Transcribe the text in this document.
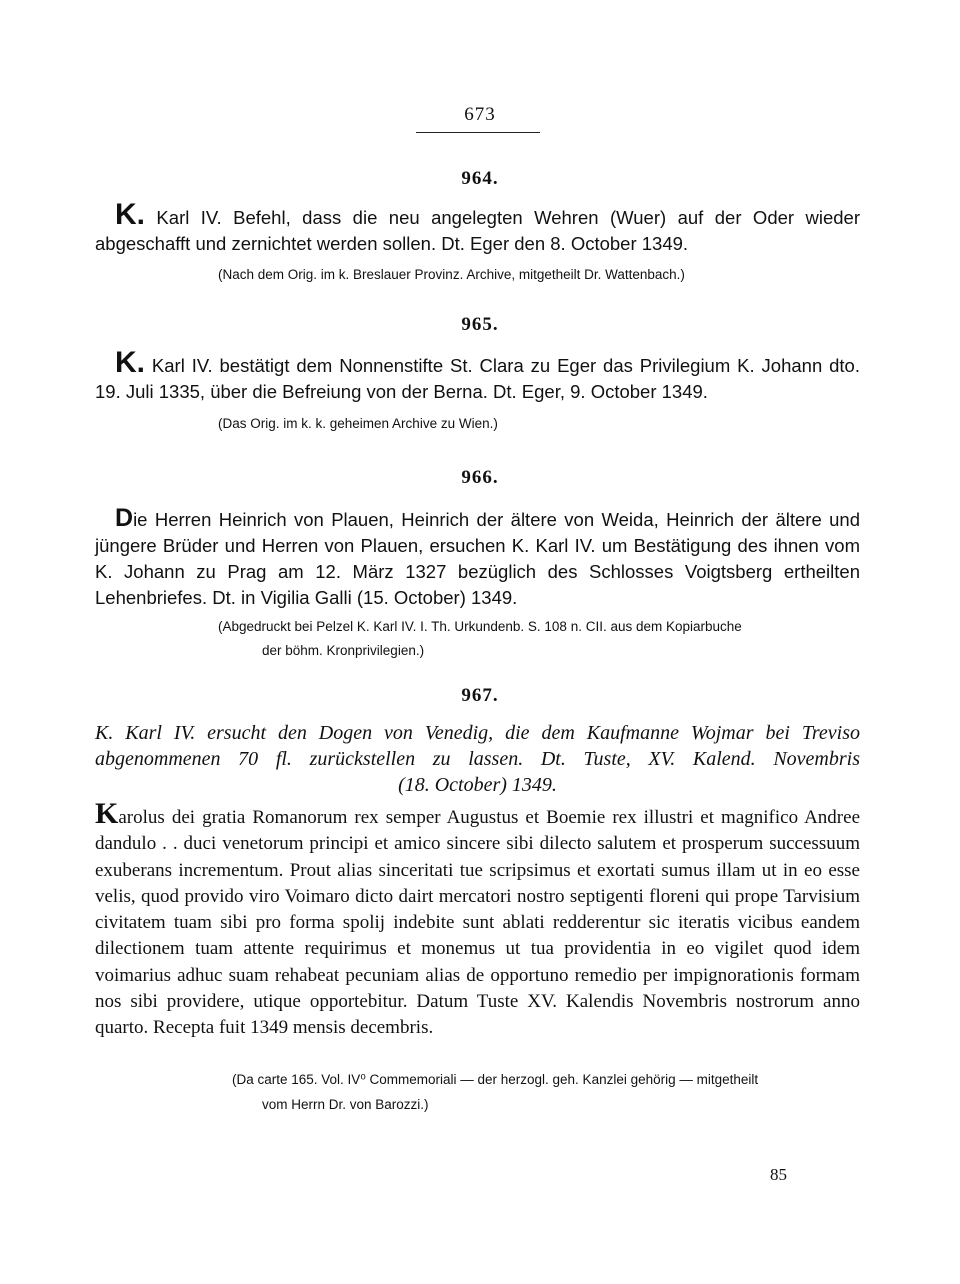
673
964.
K. Karl IV. Befehl, dass die neu angelegten Wehren (Wuer) auf der Oder wieder abgeschafft und zernichtet werden sollen. Dt. Eger den 8. October 1349.
(Nach dem Orig. im k. Breslauer Provinz. Archive, mitgetheilt Dr. Wattenbach.)
965.
K. Karl IV. bestätigt dem Nonnenstifte St. Clara zu Eger das Privilegium K. Johann dto. 19. Juli 1335, über die Befreiung von der Berna. Dt. Eger, 9. October 1349.
(Das Orig. im k. k. geheimen Archive zu Wien.)
966.
Die Herren Heinrich von Plauen, Heinrich der ältere von Weida, Heinrich der ältere und jüngere Brüder und Herren von Plauen, ersuchen K. Karl IV. um Bestätigung des ihnen vom K. Johann zu Prag am 12. März 1327 bezüglich des Schlosses Voigtsberg ertheilten Lehenbriefes. Dt. in Vigilia Galli (15. October) 1349.
(Abgedruckt bei Pelzel K. Karl IV. I. Th. Urkundenb. S. 108 n. CII. aus dem Kopiarbuche
der böhm. Kronprivilegien.)
967.
K. Karl IV. ersucht den Dogen von Venedig, die dem Kaufmanne Wojmar bei Treviso
abgenommenen 70 fl. zurückstellen zu lassen. Dt. Tuste, XV. Kalend. Novembris
(18. October) 1349.
Karolus dei gratia Romanorum rex semper Augustus et Boemie rex illustri et magnifico Andree dandulo . . duci venetorum principi et amico sincere sibi dilecto salutem et prosperum successuum exuberans incrementum. Prout alias sinceritati tue scripsimus et exortati sumus illam ut in eo esse velis, quod provido viro Voimaro dicto dairt mercatori nostro septigenti floreni qui prope Tarvisium civitatem tuam sibi pro forma spolij indebite sunt ablati redderentur sic iteratis vicibus eandem dilectionem tuam attente requirimus et monemus ut tua providentia in eo vigilet quod idem voimarius adhuc suam rehabeat pecuniam alias de opportuno remedio per impignorationis formam nos sibi providere, utique opportebitur. Datum Tuste XV. Kalendis Novembris nostrorum anno quarto. Recepta fuit 1349 mensis decembris.
(Da carte 165. Vol. IV⁰ Commemoriali — der herzogl. geh. Kanzlei gehörig — mitgetheilt
vom Herrn Dr. von Barozzi.)
85
